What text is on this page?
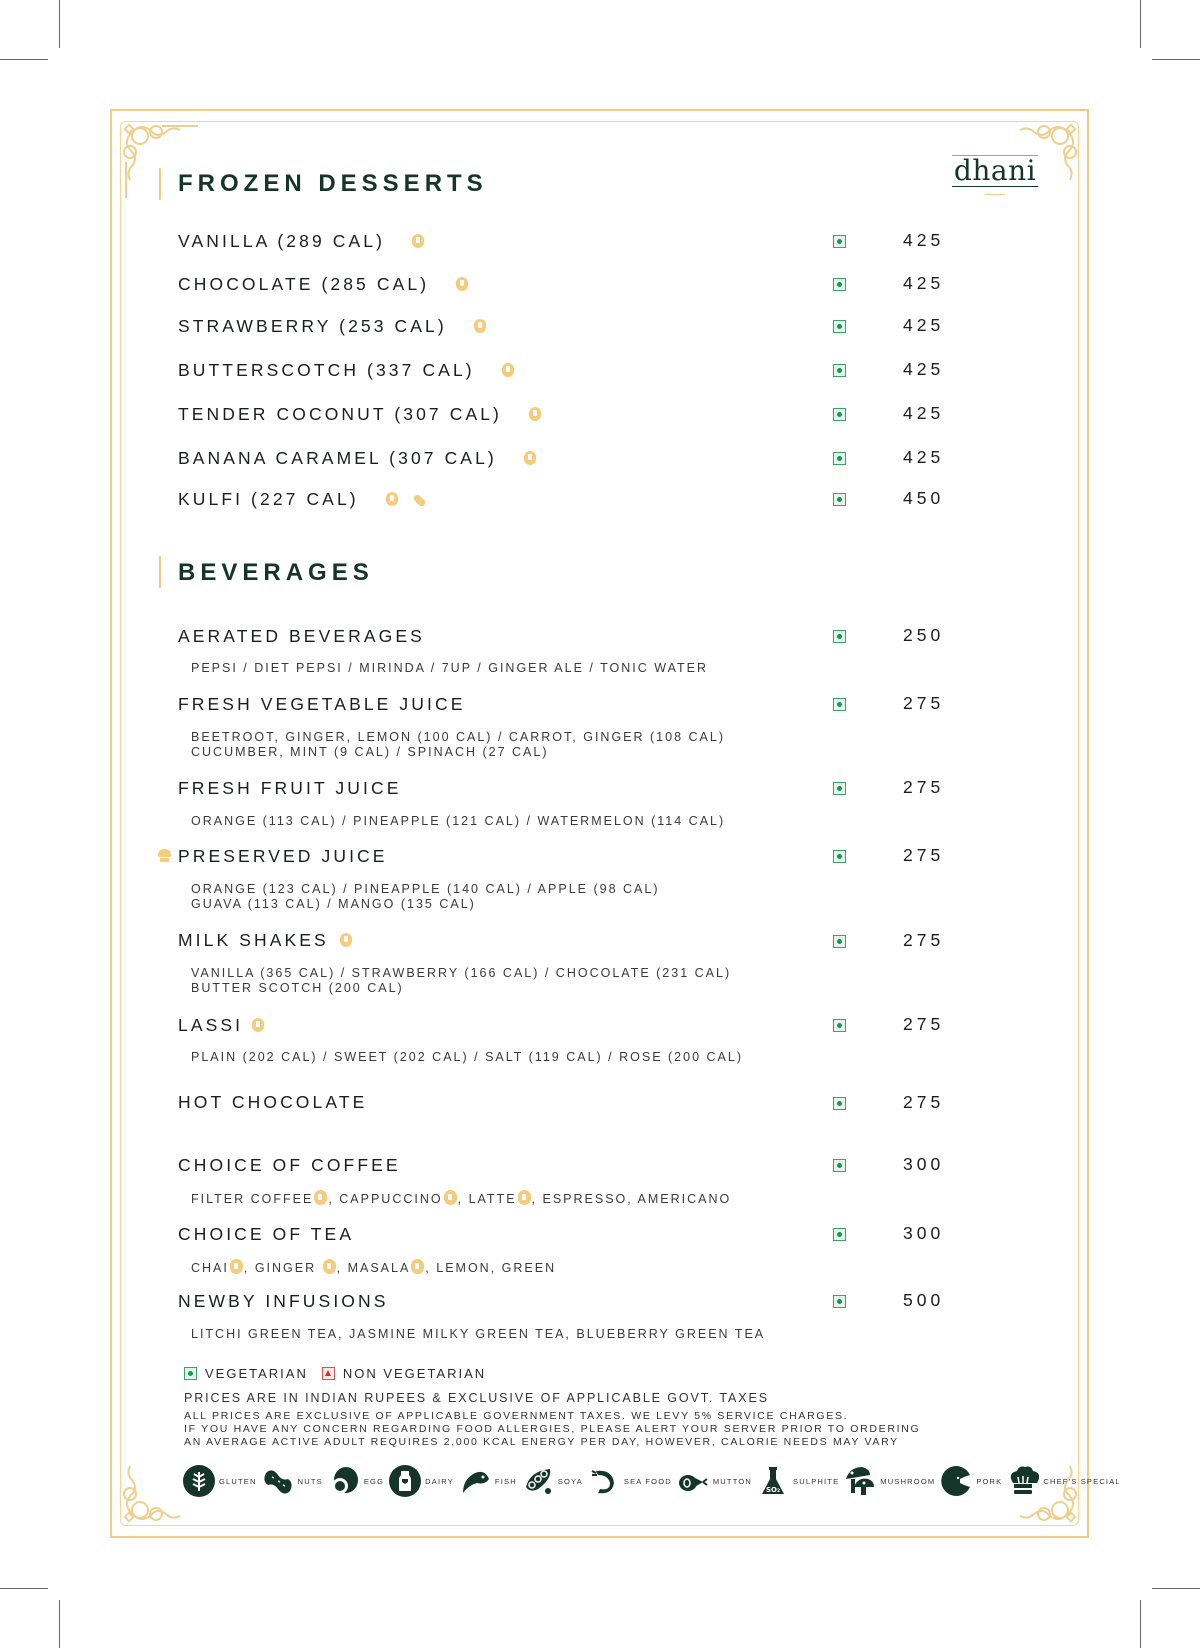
dhani
FROZEN DESSERTS
VANILLA (289 CAL)	425
CHOCOLATE (285 CAL)	425
STRAWBERRY (253 CAL)	425
BUTTERSCOTCH (337 CAL)	425
TENDER COCONUT (307 CAL)	425
BANANA CARAMEL (307 CAL)	425
KULFI (227 CAL)	450
BEVERAGES
AERATED BEVERAGES	250
PEPSI / DIET PEPSI / MIRINDA / 7UP / GINGER ALE / TONIC WATER
FRESH VEGETABLE JUICE	275
BEETROOT, GINGER, LEMON (100 CAL) / CARROT, GINGER (108 CAL)
CUCUMBER, MINT (9 CAL) / SPINACH (27 CAL)
FRESH FRUIT JUICE	275
ORANGE (113 CAL) / PINEAPPLE (121 CAL) / WATERMELON (114 CAL)
PRESERVED JUICE	275
ORANGE (123 CAL) / PINEAPPLE (140 CAL) / APPLE (98 CAL)
GUAVA (113 CAL) / MANGO (135 CAL)
MILK SHAKES	275
VANILLA (365 CAL) / STRAWBERRY (166 CAL) / CHOCOLATE (231 CAL)
BUTTER SCOTCH (200 CAL)
LASSI	275
PLAIN (202 CAL) / SWEET (202 CAL) / SALT (119 CAL) / ROSE (200 CAL)
HOT CHOCOLATE	275
CHOICE OF COFFEE	300
FILTER COFFEE , CAPPUCCINO , LATTE , ESPRESSO, AMERICANO
CHOICE OF TEA	300
CHAI , GINGER , MASALA , LEMON, GREEN
NEWBY INFUSIONS	500
LITCHI GREEN TEA, JASMINE MILKY GREEN TEA, BLUEBERRY GREEN TEA
VEGETARIAN	NON VEGETARIAN
PRICES ARE IN INDIAN RUPEES & EXCLUSIVE OF APPLICABLE GOVT. TAXES
ALL PRICES ARE EXCLUSIVE OF APPLICABLE GOVERNMENT TAXES. WE LEVY 5% SERVICE CHARGES.
IF YOU HAVE ANY CONCERN REGARDING FOOD ALLERGIES, PLEASE ALERT YOUR SERVER PRIOR TO ORDERING
AN AVERAGE ACTIVE ADULT REQUIRES 2,000 KCAL ENERGY PER DAY, HOWEVER, CALORIE NEEDS MAY VARY
GLUTEN	NUTS	EGG	DAIRY	FISH	SOYA	SEA FOOD	MUTTON
SO₂
SULPHITE	MUSHROOM	PORK	CHEF'S SPECIAL
